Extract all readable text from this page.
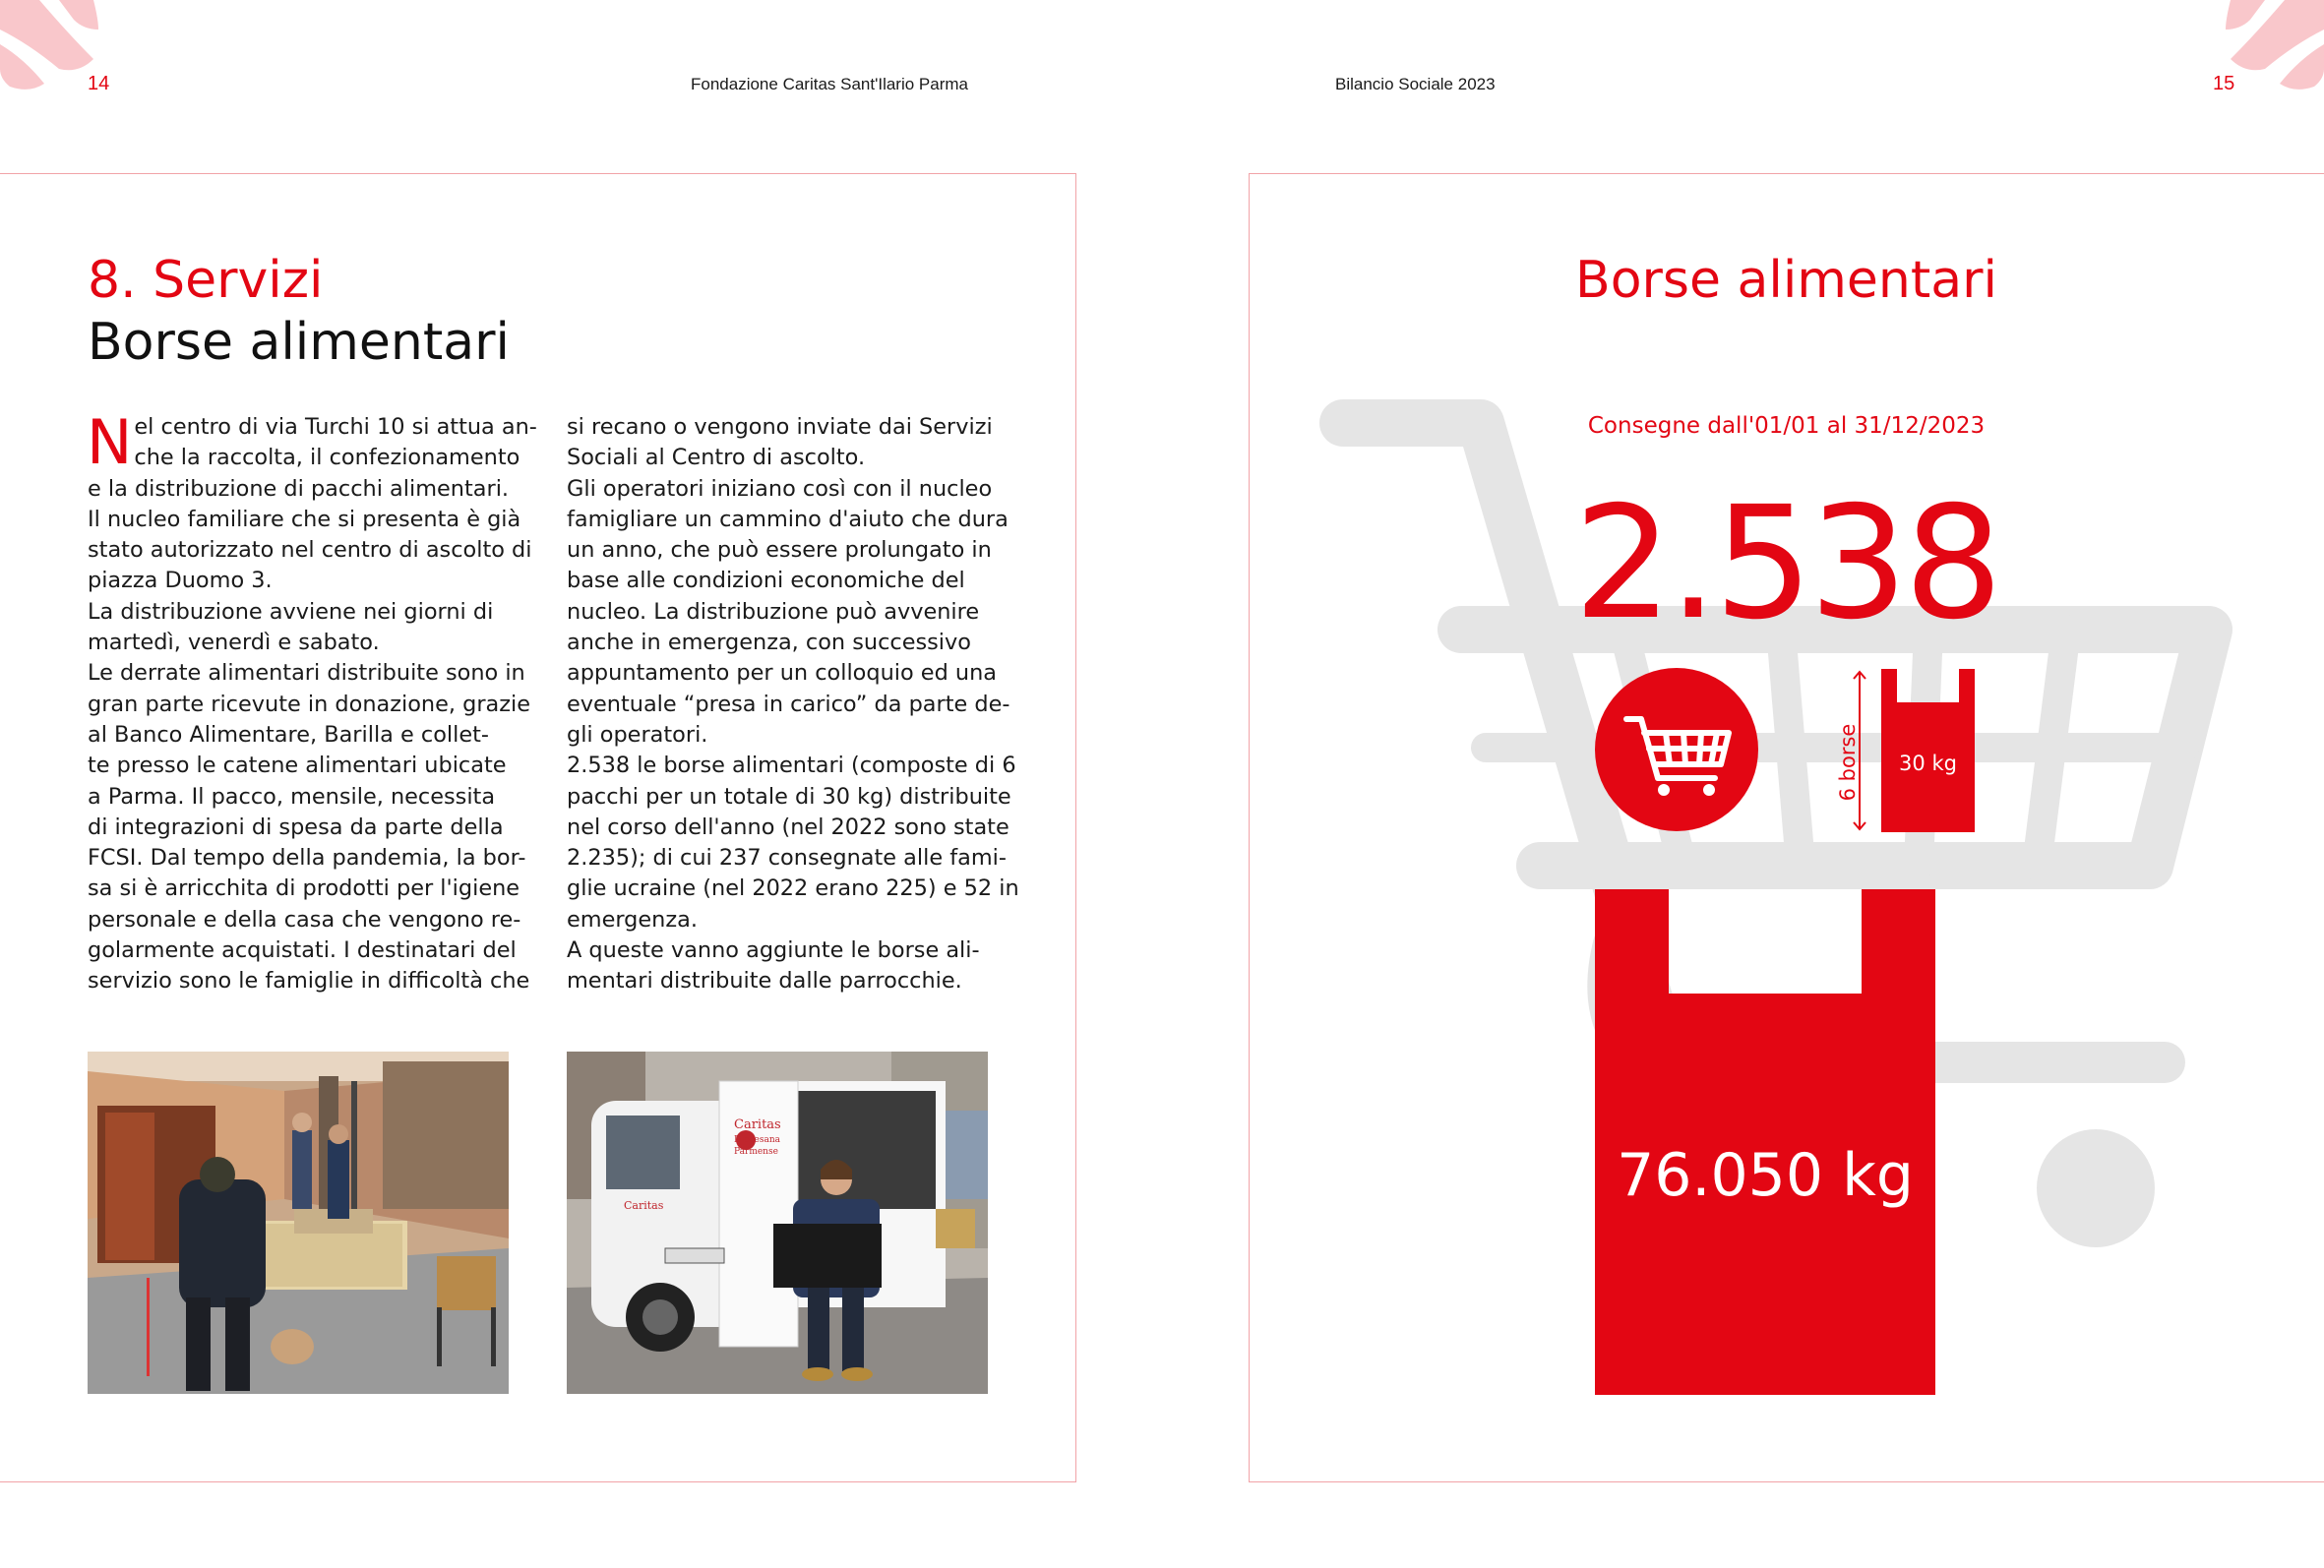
14	Fondazione Caritas Sant'Ilario Parma	Bilancio Sociale 2023	15
8. Servizi
Borse alimentari
N el centro di via Turchi 10 si attua an-
che la raccolta, il confezionamento
e la distribuzione di pacchi alimentari.
Il nucleo familiare che si presenta è già
stato autorizzato nel centro di ascolto di
piazza Duomo 3.
La distribuzione avviene nei giorni di
martedì, venerdì e sabato.
Le derrate alimentari distribuite sono in
gran parte ricevute in donazione, grazie
al Banco Alimentare, Barilla e collet-
te presso le catene alimentari ubicate
a Parma. Il pacco, mensile, necessita
di integrazioni di spesa da parte della
FCSI. Dal tempo della pandemia, la bor-
sa si è arricchita di prodotti per l'igiene
personale e della casa che vengono re-
golarmente acquistati. I destinatari del
servizio sono le famiglie in difficoltà che
si recano o vengono inviate dai Servizi
Sociali al Centro di ascolto.
Gli operatori iniziano così con il nucleo
famigliare un cammino d'aiuto che dura
un anno, che può essere prolungato in
base alle condizioni economiche del
nucleo. La distribuzione può avvenire
anche in emergenza, con successivo
appuntamento per un colloquio ed una
eventuale “presa in carico” da parte de-
gli operatori.
2.538 le borse alimentari (composte di 6
pacchi per un totale di 30 kg) distribuite
nel corso dell'anno (nel 2022 sono state
2.235); di cui 237 consegnate alle fami-
glie ucraine (nel 2022 erano 225) e 52 in
emergenza.
A queste vanno aggiunte le borse ali-
mentari distribuite dalle parrocchie.
Caritas
Diocesana
Parmense
Caritas
Borse alimentari
Consegne dall'01/01 al 31/12/2023
2.538
6 borse	30 kg
76.050 kg
